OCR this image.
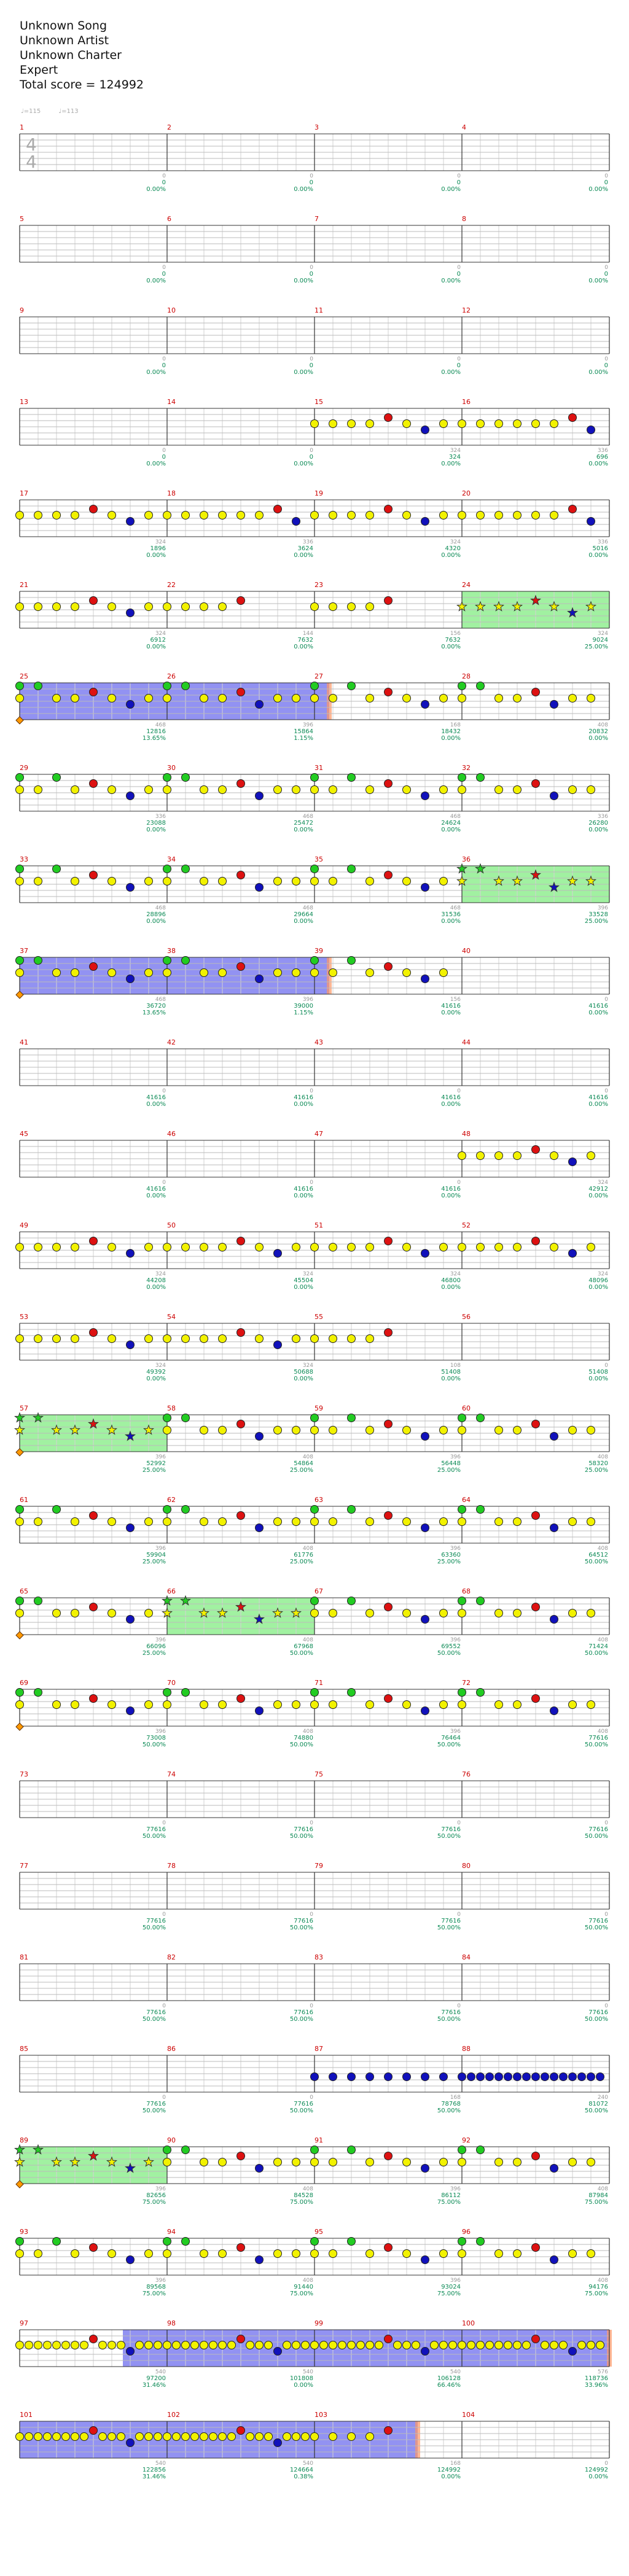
Unknown Song
Unknown Artist
Unknown Charter
Expert
Total score = 124992
♩=115	♩=113
4
4
1
0
0
0.00%
2
0
0
0.00%
3
0
0
0.00%
4
0
0
0.00%
5
0
0
0.00%
6
0
0
0.00%
7
0
0
0.00%
8
0
0
0.00%
9
0
0
0.00%
10
0
0
0.00%
11
0
0
0.00%
12
0
0
0.00%
13
0
0
0.00%
14
0
0
0.00%
15
324
324
0.00%
16
336
696
0.00%
17
324
1896
0.00%
18
336
3624
0.00%
19
324
4320
0.00%
20
336
5016
0.00%
21
324
6912
0.00%
22
144
7632
0.00%
23
156
7632
0.00%
24
324
9024
25.00%
25
468
12816
13.65%
26
396
15864
1.15%
27
168
18432
0.00%
28
408
20832
0.00%
29
336
23088
0.00%
30
468
25472
0.00%
31
468
24624
0.00%
32
336
26280
0.00%
33
468
28896
0.00%
34
468
29664
0.00%
35
468
31536
0.00%
36
396
33528
25.00%
37
468
36720
13.65%
38
396
39000
1.15%
39
156
41616
0.00%
40
0
41616
0.00%
41
0
41616
0.00%
42
0
41616
0.00%
43
0
41616
0.00%
44
0
41616
0.00%
45
0
41616
0.00%
46
0
41616
0.00%
47
0
41616
0.00%
48
324
42912
0.00%
49
324
44208
0.00%
50
324
45504
0.00%
51
324
46800
0.00%
52
324
48096
0.00%
53
324
49392
0.00%
54
324
50688
0.00%
55
108
51408
0.00%
56
0
51408
0.00%
57
396
52992
25.00%
58
408
54864
25.00%
59
396
56448
25.00%
60
408
58320
25.00%
61
396
59904
25.00%
62
408
61776
25.00%
63
396
63360
25.00%
64
408
64512
50.00%
65
396
66096
25.00%
66
408
67968
50.00%
67
396
69552
50.00%
68
408
71424
50.00%
69
396
73008
50.00%
70
408
74880
50.00%
71
396
76464
50.00%
72
408
77616
50.00%
73
0
77616
50.00%
74
0
77616
50.00%
75
0
77616
50.00%
76
0
77616
50.00%
77
0
77616
50.00%
78
0
77616
50.00%
79
0
77616
50.00%
80
0
77616
50.00%
81
0
77616
50.00%
82
0
77616
50.00%
83
0
77616
50.00%
84
0
77616
50.00%
85
0
77616
50.00%
86
0
77616
50.00%
87
168
78768
50.00%
88
240
81072
50.00%
89
396
82656
75.00%
90
408
84528
75.00%
91
396
86112
75.00%
92
408
87984
75.00%
93
396
89568
75.00%
94
408
91440
75.00%
95
396
93024
75.00%
96
408
94176
75.00%
97
540
97200
31.46%
98
540
101808
0.00%
99
540
106128
66.46%
100
576
118736
33.96%
101
540
122856
31.46%
102
540
124664
0.38%
103
168
124992
0.00%
104
0
124992
0.00%
